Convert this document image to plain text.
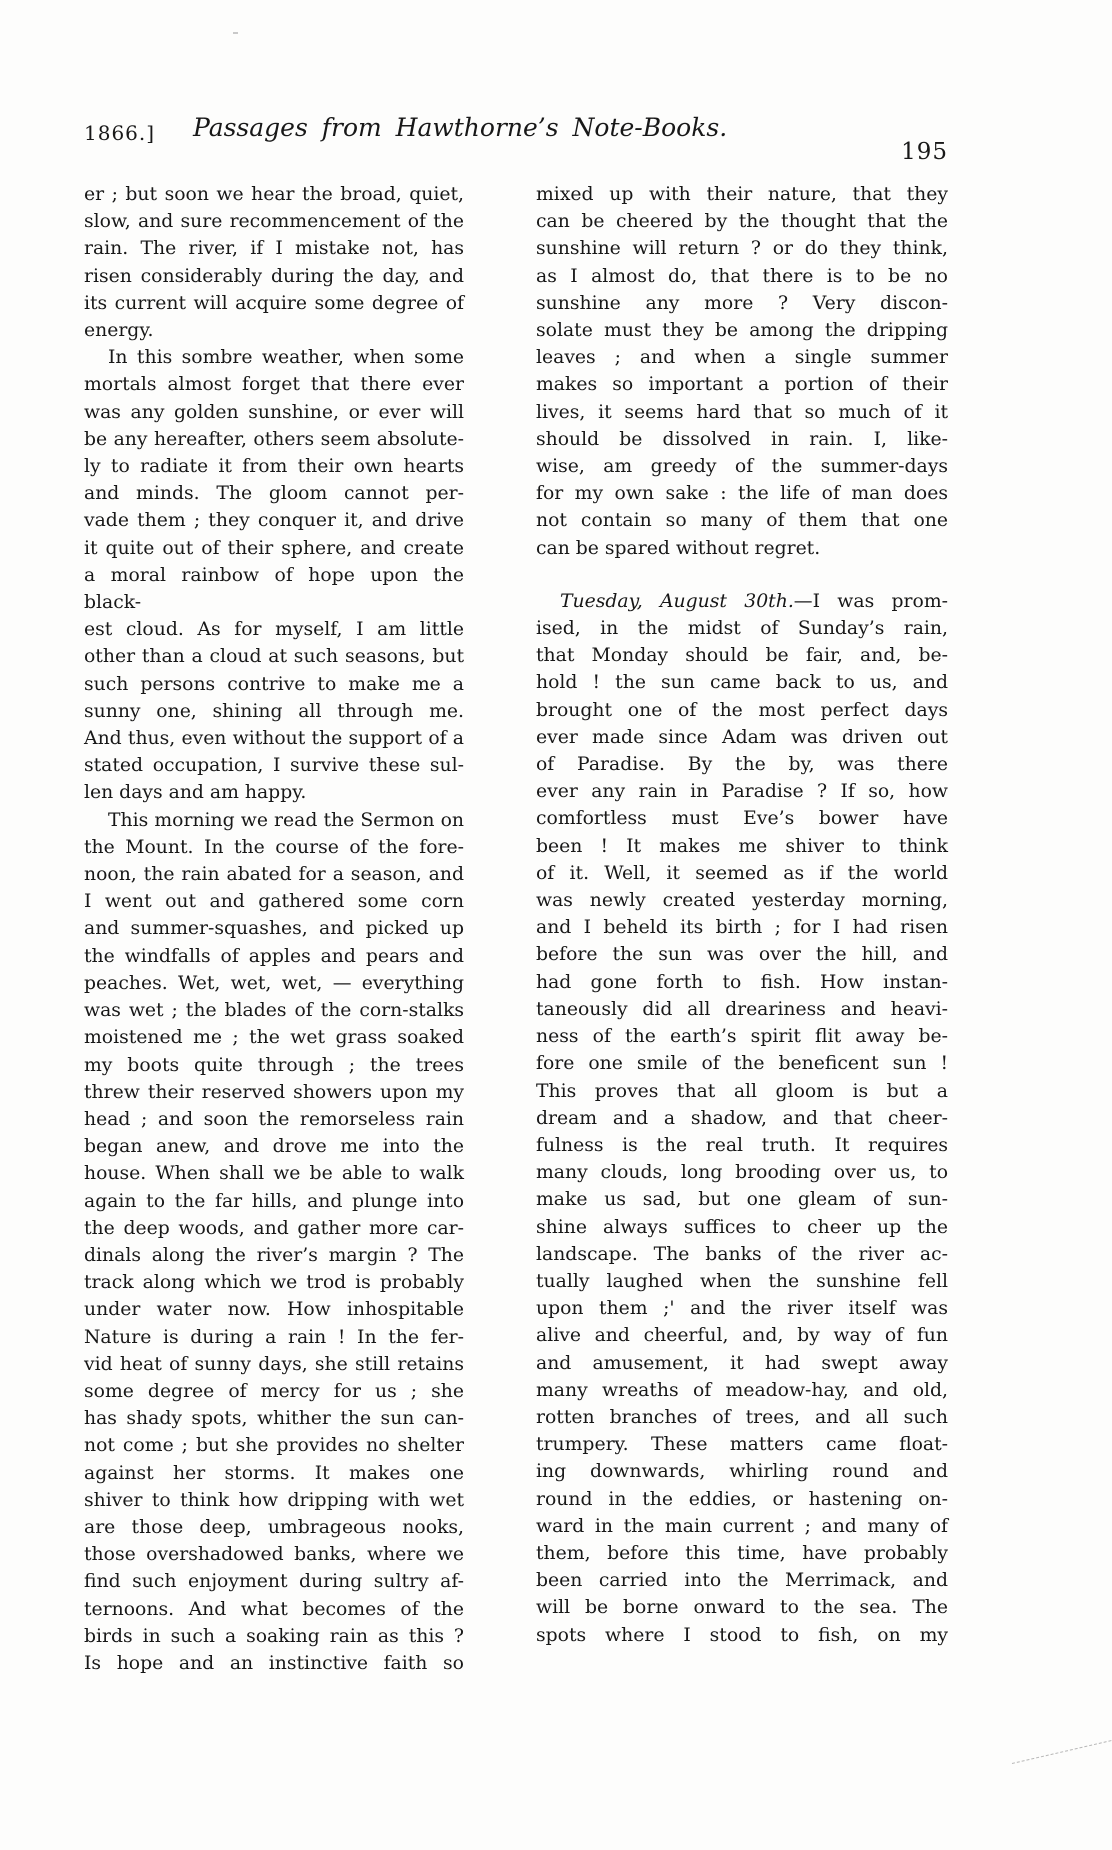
1866.] Passages from Hawthorne’s Note-Books.
195
er ; but soon we hear the broad, quiet,
slow, and sure recommencement of the
rain. The river, if I mistake not, has
risen considerably during the day, and
its current will acquire some degree of
energy.
In this sombre weather, when some
mortals almost forget that there ever
was any golden sunshine, or ever will
be any hereafter, others seem absolute-
ly to radiate it from their own hearts
and minds. The gloom cannot per-
vade them ; they conquer it, and drive
it quite out of their sphere, and create
a moral rainbow of hope upon the black-
est cloud. As for myself, I am little
other than a cloud at such seasons, but
such persons contrive to make me a
sunny one, shining all through me.
And thus, even without the support of a
stated occupation, I survive these sul-
len days and am happy.
This morning we read the Sermon on
the Mount. In the course of the fore-
noon, the rain abated for a season, and
I went out and gathered some corn
and summer-squashes, and picked up
the windfalls of apples and pears and
peaches. Wet, wet, wet, — everything
was wet ; the blades of the corn-stalks
moistened me ; the wet grass soaked
my boots quite through ; the trees
threw their reserved showers upon my
head ; and soon the remorseless rain
began anew, and drove me into the
house. When shall we be able to walk
again to the far hills, and plunge into
the deep woods, and gather more car-
dinals along the river’s margin ? The
track along which we trod is probably
under water now. How inhospitable
Nature is during a rain ! In the fer-
vid heat of sunny days, she still retains
some degree of mercy for us ; she
has shady spots, whither the sun can-
not come ; but she provides no shelter
against her storms. It makes one
shiver to think how dripping with wet
are those deep, umbrageous nooks,
those overshadowed banks, where we
find such enjoyment during sultry af-
ternoons. And what becomes of the
birds in such a soaking rain as this ?
Is hope and an instinctive faith so
mixed up with their nature, that they
can be cheered by the thought that the
sunshine will return ? or do they think,
as I almost do, that there is to be no
sunshine any more ? Very discon-
solate must they be among the dripping
leaves ; and when a single summer
makes so important a portion of their
lives, it seems hard that so much of it
should be dissolved in rain. I, like-
wise, am greedy of the summer-days
for my own sake : the life of man does
not contain so many of them that one
can be spared without regret.
Tuesday, August 30th.—I was prom-
ised, in the midst of Sunday’s rain,
that Monday should be fair, and, be-
hold ! the sun came back to us, and
brought one of the most perfect days
ever made since Adam was driven out
of Paradise. By the by, was there
ever any rain in Paradise ? If so, how
comfortless must Eve’s bower have
been ! It makes me shiver to think
of it. Well, it seemed as if the world
was newly created yesterday morning,
and I beheld its birth ; for I had risen
before the sun was over the hill, and
had gone forth to fish. How instan-
taneously did all dreariness and heavi-
ness of the earth’s spirit flit away be-
fore one smile of the beneficent sun !
This proves that all gloom is but a
dream and a shadow, and that cheer-
fulness is the real truth. It requires
many clouds, long brooding over us, to
make us sad, but one gleam of sun-
shine always suffices to cheer up the
landscape. The banks of the river ac-
tually laughed when the sunshine fell
upon them ;' and the river itself was
alive and cheerful, and, by way of fun
and amusement, it had swept away
many wreaths of meadow-hay, and old,
rotten branches of trees, and all such
trumpery. These matters came float-
ing downwards, whirling round and
round in the eddies, or hastening on-
ward in the main current ; and many of
them, before this time, have probably
been carried into the Merrimack, and
will be borne onward to the sea. The
spots where I stood to fish, on my
